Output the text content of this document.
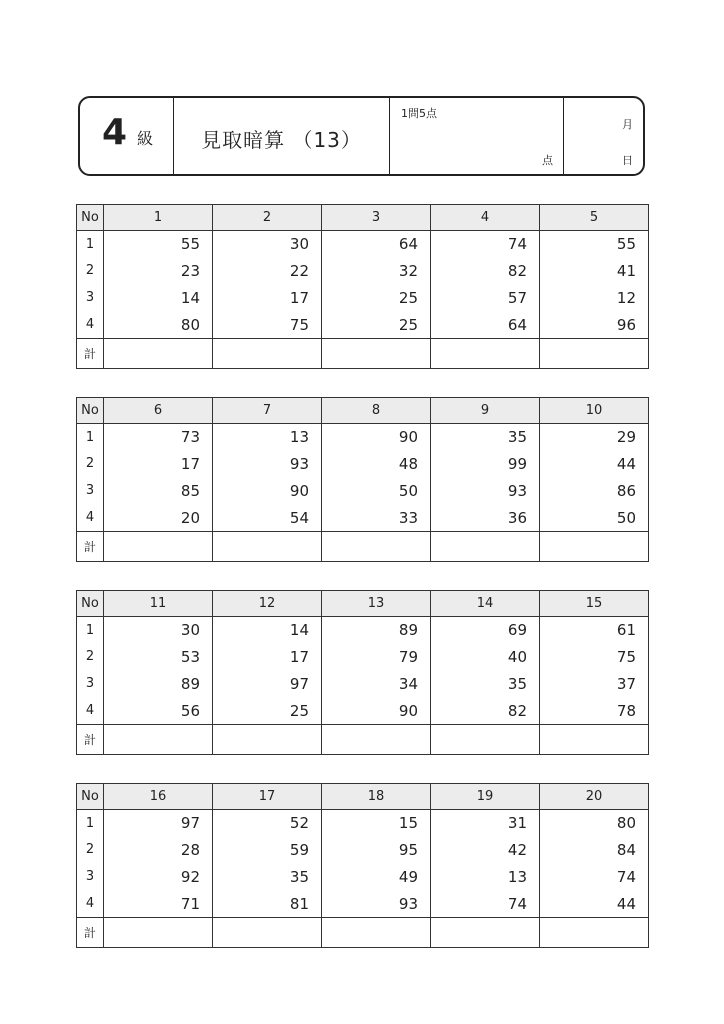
4 級	見取暗算 （13）
1問5点
点
月
日
No	1	2	3	4	5
1	55	30	64	74	55
2	23	22	32	82	41
3	14	17	25	57	12
4	80	75	25	64	96
計					
No	6	7	8	9	10
1	73	13	90	35	29
2	17	93	48	99	44
3	85	90	50	93	86
4	20	54	33	36	50
計					
No	11	12	13	14	15
1	30	14	89	69	61
2	53	17	79	40	75
3	89	97	34	35	37
4	56	25	90	82	78
計					
No	16	17	18	19	20
1	97	52	15	31	80
2	28	59	95	42	84
3	92	35	49	13	74
4	71	81	93	74	44
計					
